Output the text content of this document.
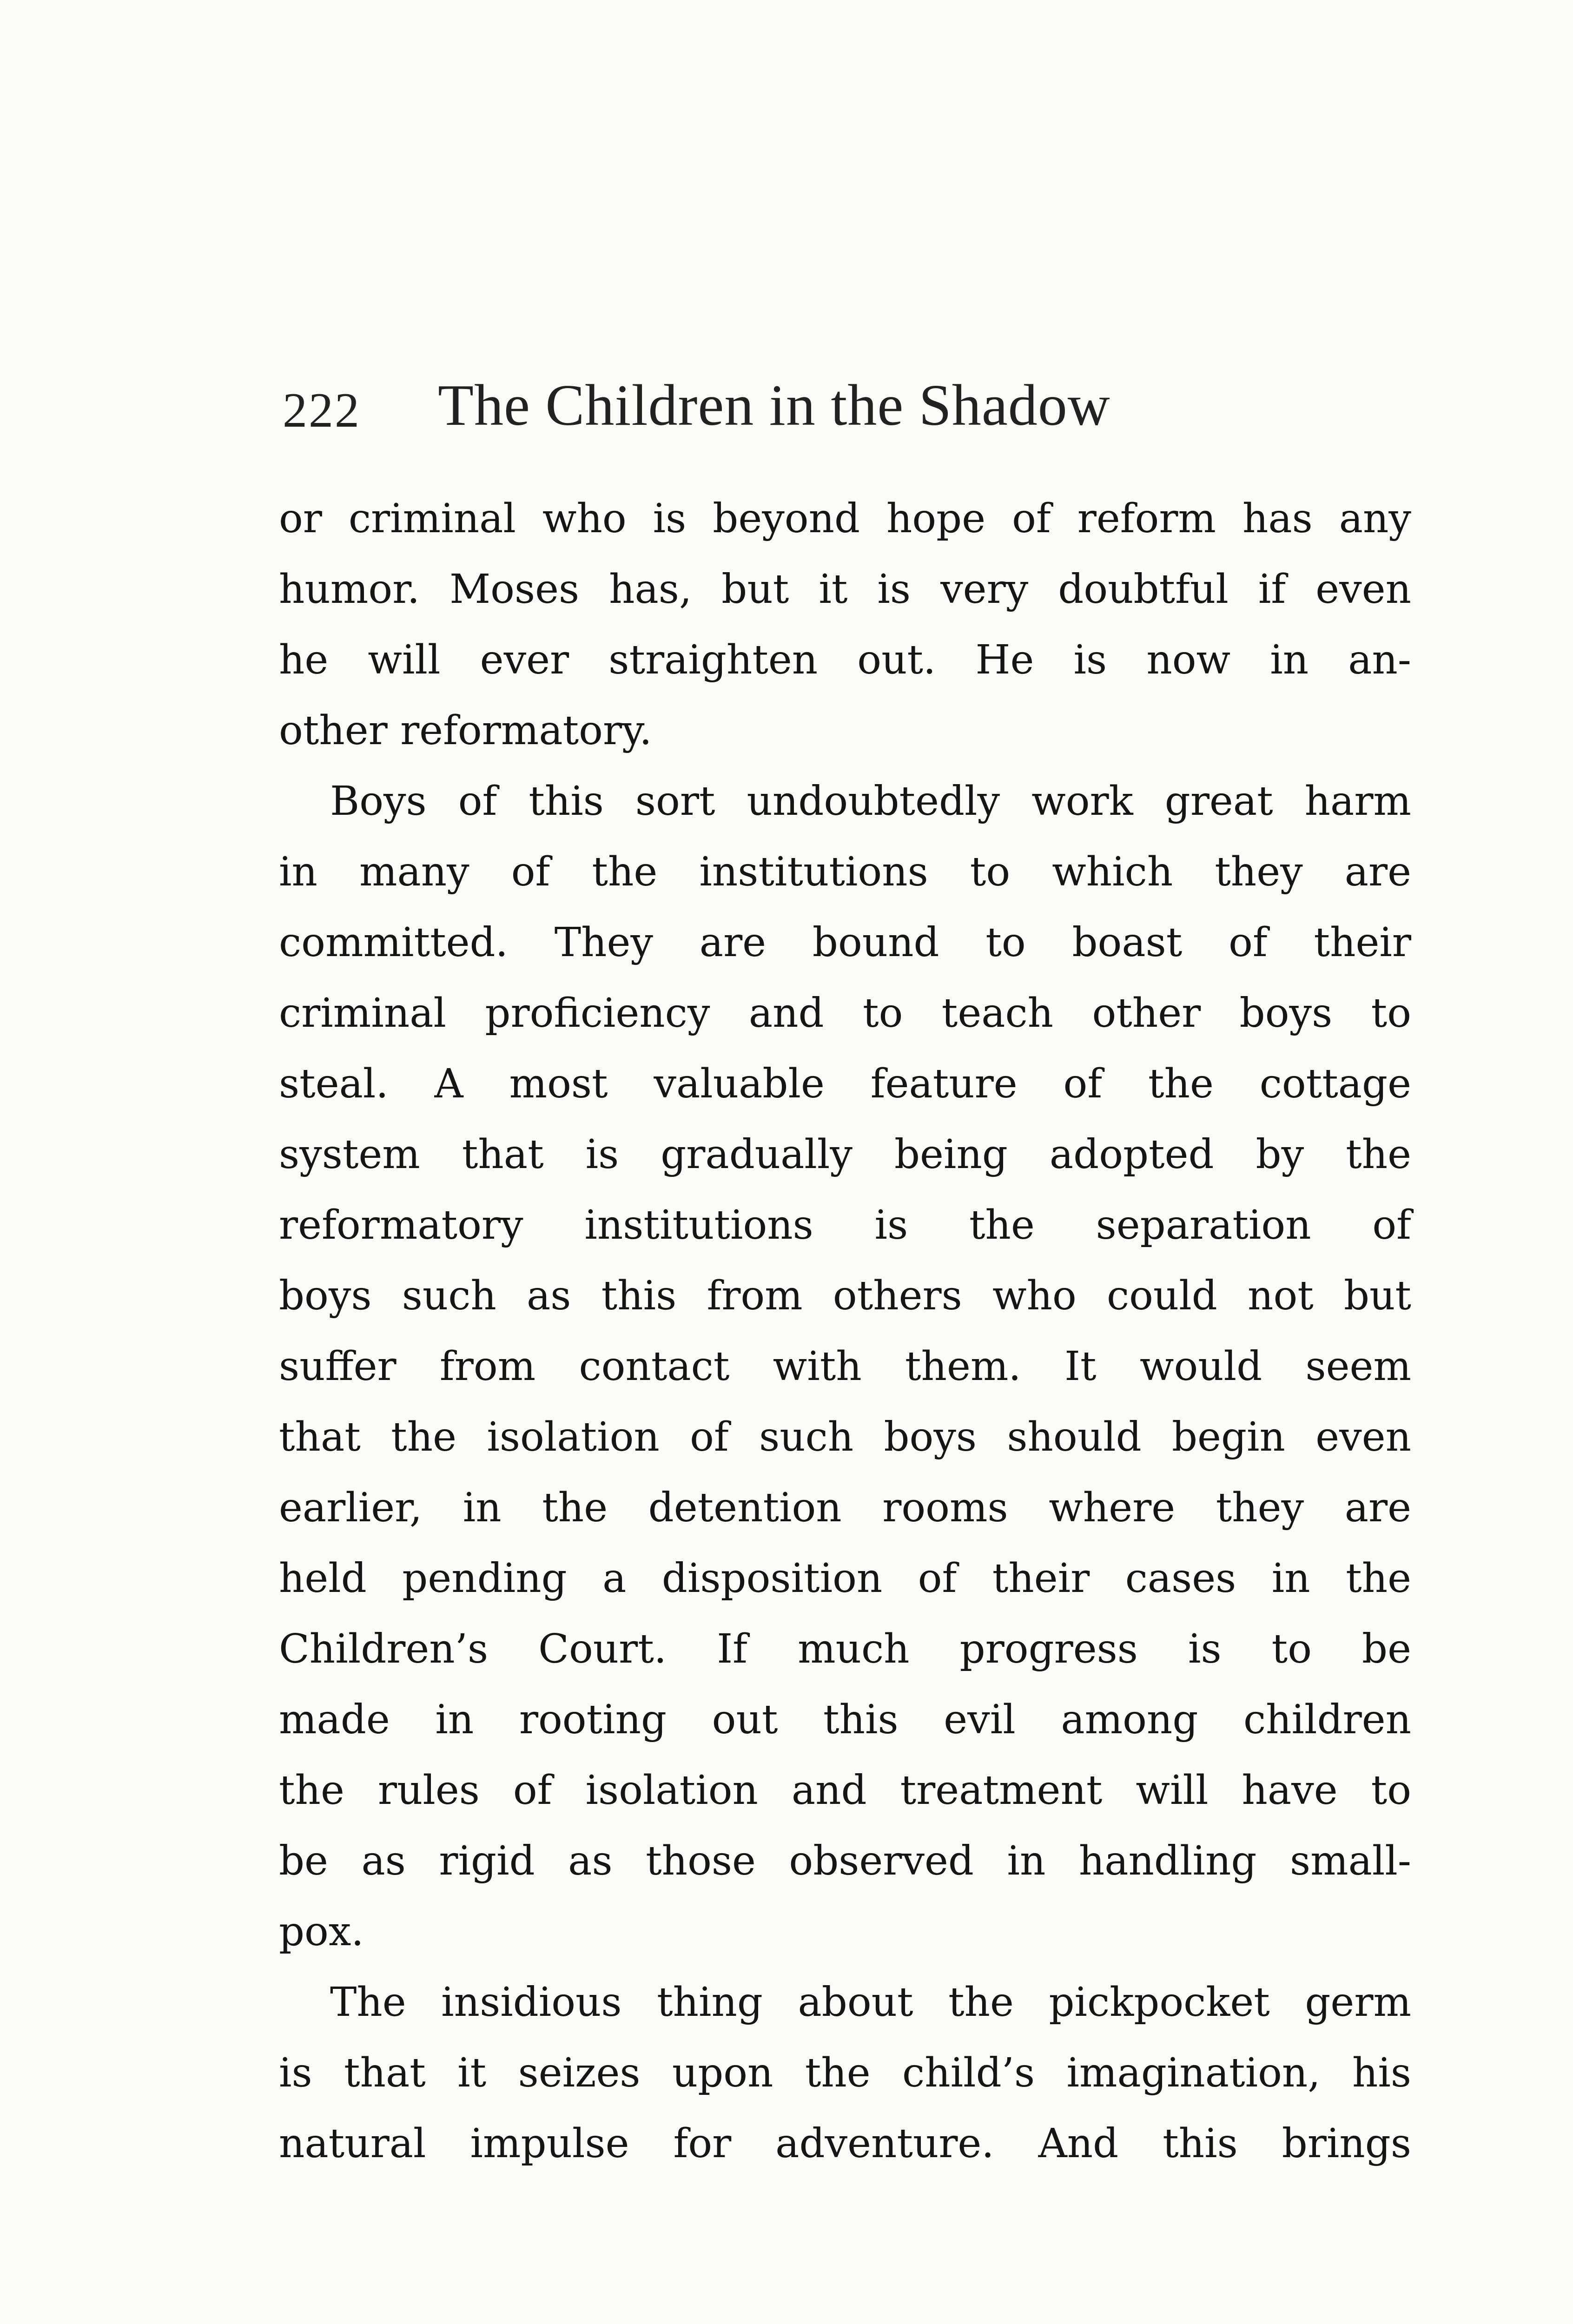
222 The Children in the Shadow
or criminal who is beyond hope of reform has any
humor. Moses has, but it is very doubtful if even
he will ever straighten out. He is now in an-
other reformatory.
Boys of this sort undoubtedly work great harm
in many of the institutions to which they are
committed. They are bound to boast of their
criminal proficiency and to teach other boys to
steal. A most valuable feature of the cottage
system that is gradually being adopted by the
reformatory institutions is the separation of
boys such as this from others who could not but
suffer from contact with them. It would seem
that the isolation of such boys should begin even
earlier, in the detention rooms where they are
held pending a disposition of their cases in the
Children’s Court. If much progress is to be
made in rooting out this evil among children
the rules of isolation and treatment will have to
be as rigid as those observed in handling small-
pox.
The insidious thing about the pickpocket germ
is that it seizes upon the child’s imagination, his
natural impulse for adventure. And this brings
